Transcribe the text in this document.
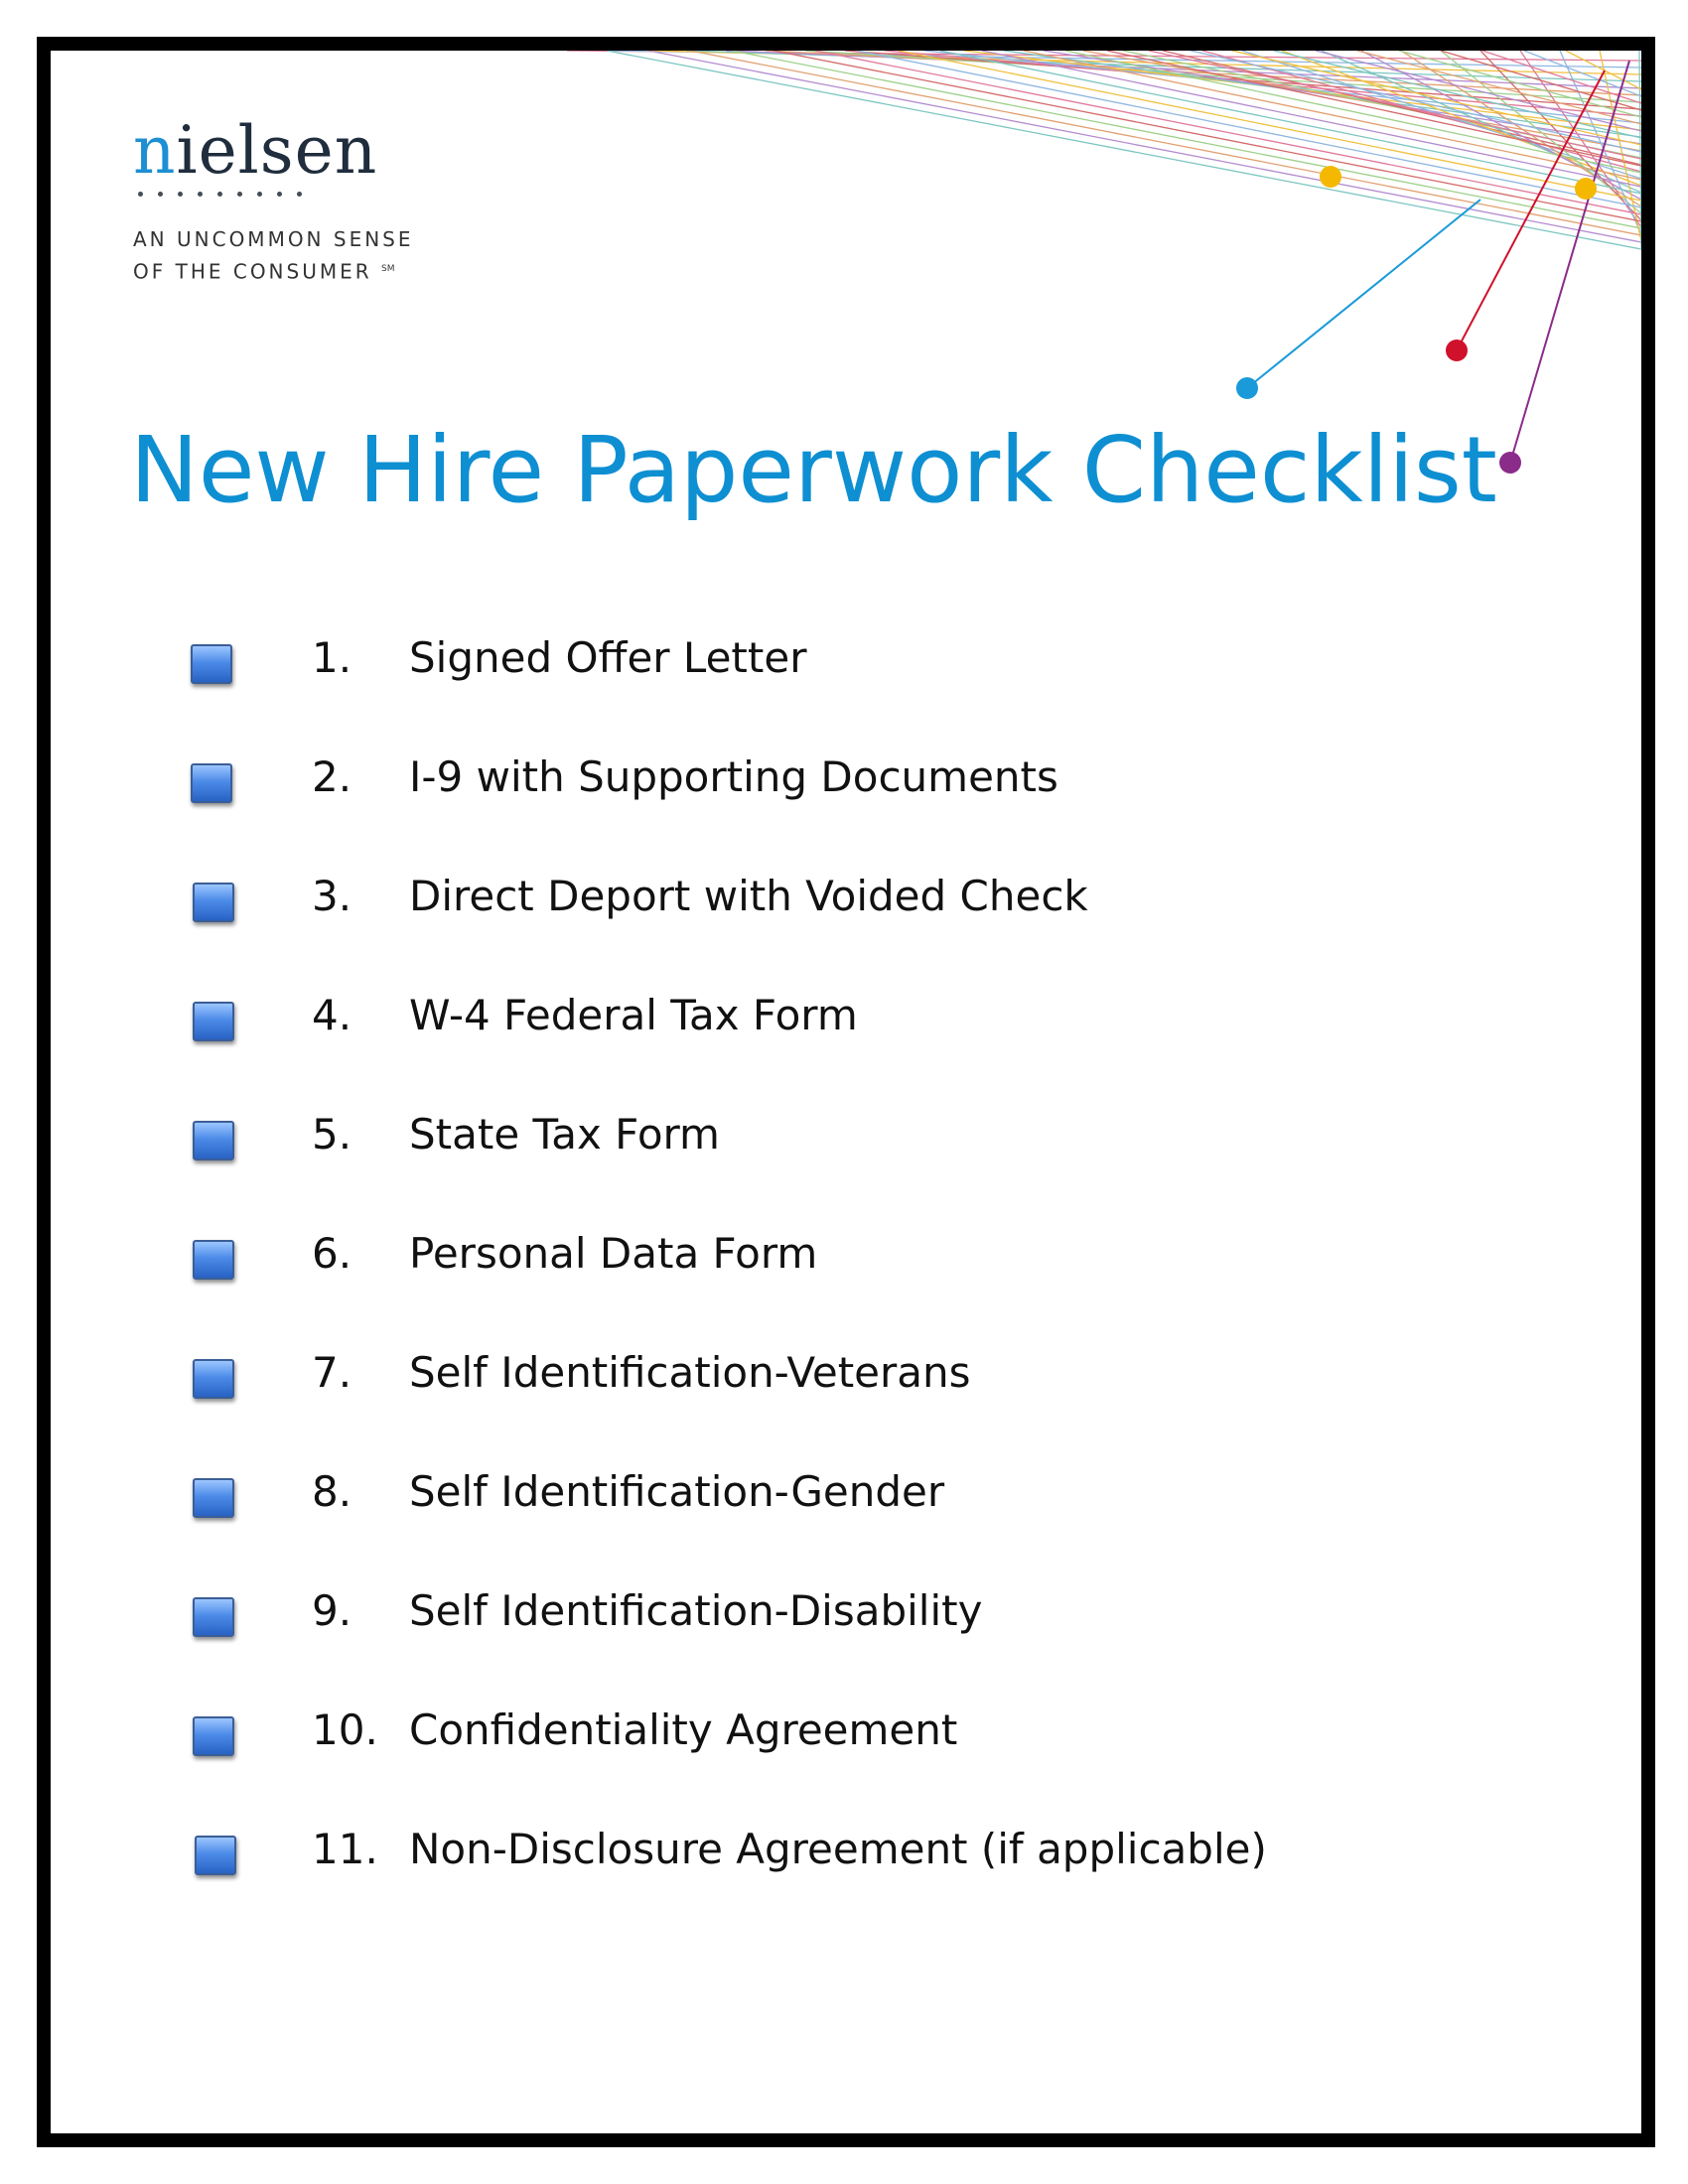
nielsen
AN UNCOMMON SENSE
OF THE CONSUMER ℠
New Hire Paperwork Checklist
1. Signed Offer Letter
2. I-9 with Supporting Documents
3. Direct Deport with Voided Check
4. W-4 Federal Tax Form
5. State Tax Form
6. Personal Data Form
7. Self Identification-Veterans
8. Self Identification-Gender
9. Self Identification-Disability
10. Confidentiality Agreement
11. Non-Disclosure Agreement (if applicable)
